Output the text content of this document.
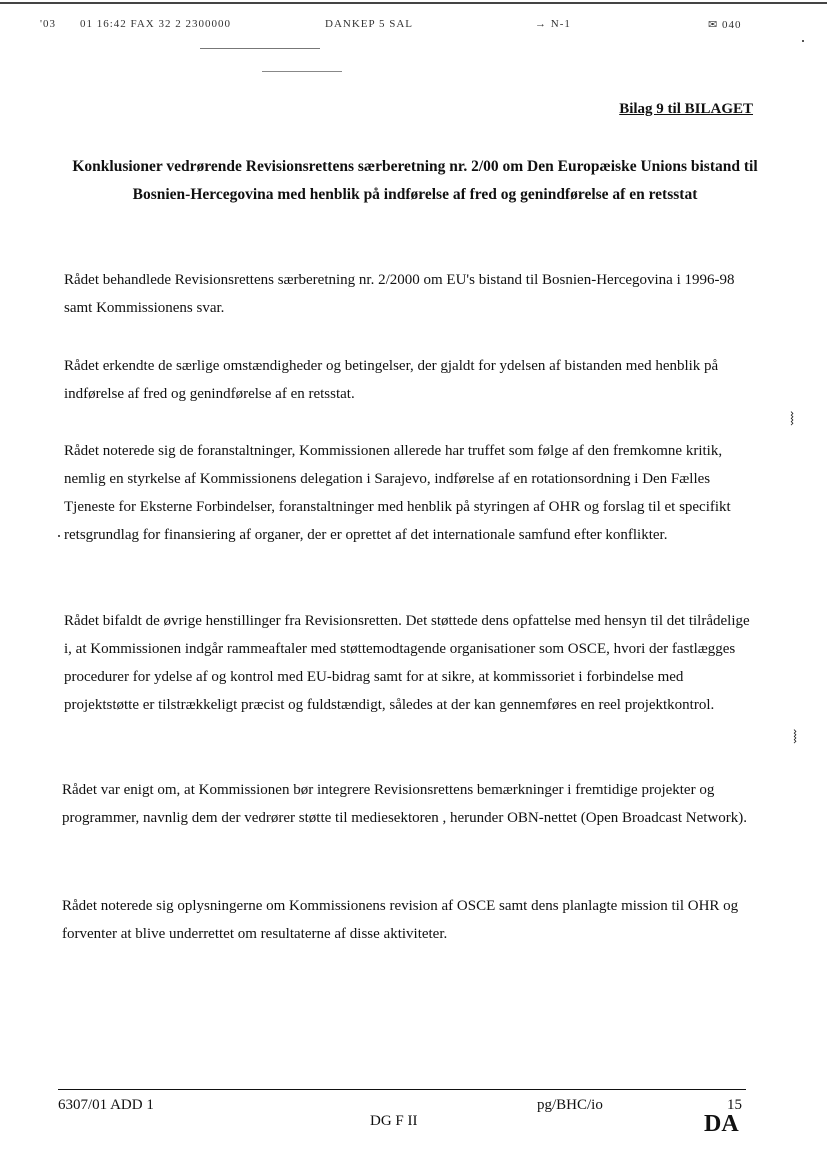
'03 01 16:42 FAX 32 2 2300000	DANKEP 5 SAL	→ N-1	✉ 040
Bilag 9 til BILAGET
Konklusioner vedrørende Revisionsrettens særberetning nr. 2/00 om Den Europæiske Unions bistand til Bosnien-Hercegovina med henblik på indførelse af fred og genindførelse af en retsstat

Rådet behandlede Revisionsrettens særberetning nr. 2/2000 om EU's bistand til Bosnien-Hercegovina i 1996-98 samt Kommissionens svar.

Rådet erkendte de særlige omstændigheder og betingelser, der gjaldt for ydelsen af bistanden med henblik på indførelse af fred og genindførelse af en retsstat.

Rådet noterede sig de foranstaltninger, Kommissionen allerede har truffet som følge af den fremkomne kritik, nemlig en styrkelse af Kommissionens delegation i Sarajevo, indførelse af en rotationsordning i Den Fælles Tjeneste for Eksterne Forbindelser, foranstaltninger med henblik på styringen af OHR og forslag til et specifikt retsgrundlag for finansiering af organer, der er oprettet af det internationale samfund efter konflikter.

Rådet bifaldt de øvrige henstillinger fra Revisionsretten. Det støttede dens opfattelse med hensyn til det tilrådelige i, at Kommissionen indgår rammeaftaler med støttemodtagende organisationer som OSCE, hvori der fastlægges procedurer for ydelse af og kontrol med EU-bidrag samt for at sikre, at kommissoriet i forbindelse med projektstøtte er tilstrækkeligt præcist og fuldstændigt, således at der kan gennemføres en reel projektkontrol.

Rådet var enigt om, at Kommissionen bør integrere Revisionsrettens bemærkninger i fremtidige projekter og programmer, navnlig dem der vedrører støtte til mediesektoren , herunder OBN-nettet (Open Broadcast Network).

Rådet noterede sig oplysningerne om Kommissionens revision af OSCE samt dens planlagte mission til OHR og forventer at blive underrettet om resultaterne af disse aktiviteter.

⧘
⧘
6307/01 ADD 1
DG F II
pg/BHC/io	15
DA
